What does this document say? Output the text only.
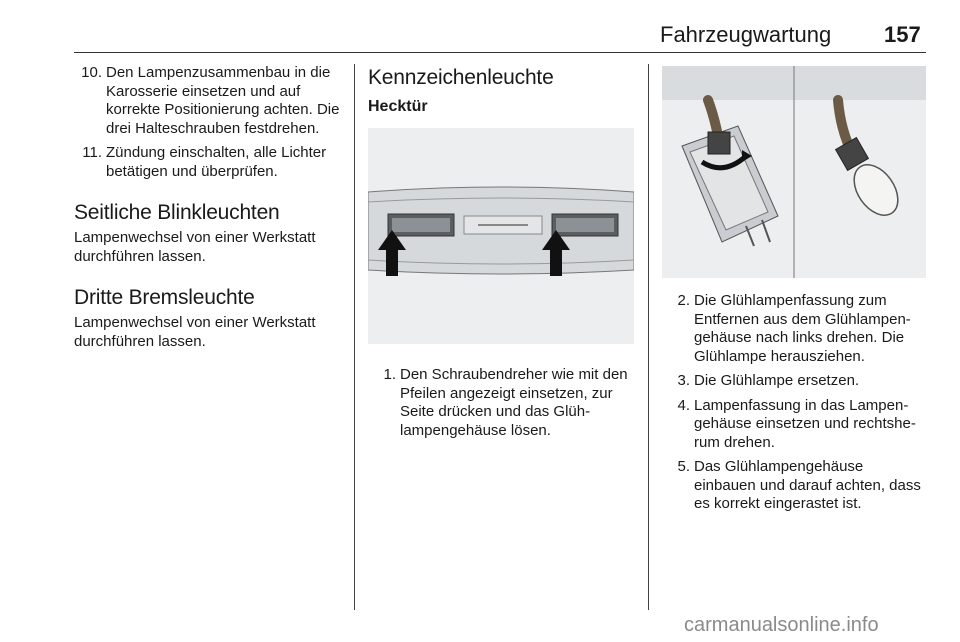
Fahrzeugwartung 157
10. Den Lampenzusammenbau in die Karosserie einsetzen und auf korrekte Positionierung achten. Die drei Halteschrauben festdrehen.
11. Zündung einschalten, alle Lichter betätigen und überprüfen.
Seitliche Blinkleuchten

Lampenwechsel von einer Werkstatt durchführen lassen.

Dritte Bremsleuchte

Lampenwechsel von einer Werkstatt durchführen lassen.

Kennzeichenleuchte
Hecktür
1. Den Schraubendreher wie mit den Pfeilen angezeigt einsetzen, zur Seite drücken und das Glühlampengehäuse lösen.
2. Die Glühlampenfassung zum Entfernen aus dem Glühlampengehäuse nach links drehen. Die Glühlampe herausziehen.
3. Die Glühlampe ersetzen.
4. Lampenfassung in das Lampengehäuse einsetzen und rechtsherum drehen.
5. Das Glühlampengehäuse einbauen und darauf achten, dass es korrekt eingerastet ist.
carmanualsonline.info
